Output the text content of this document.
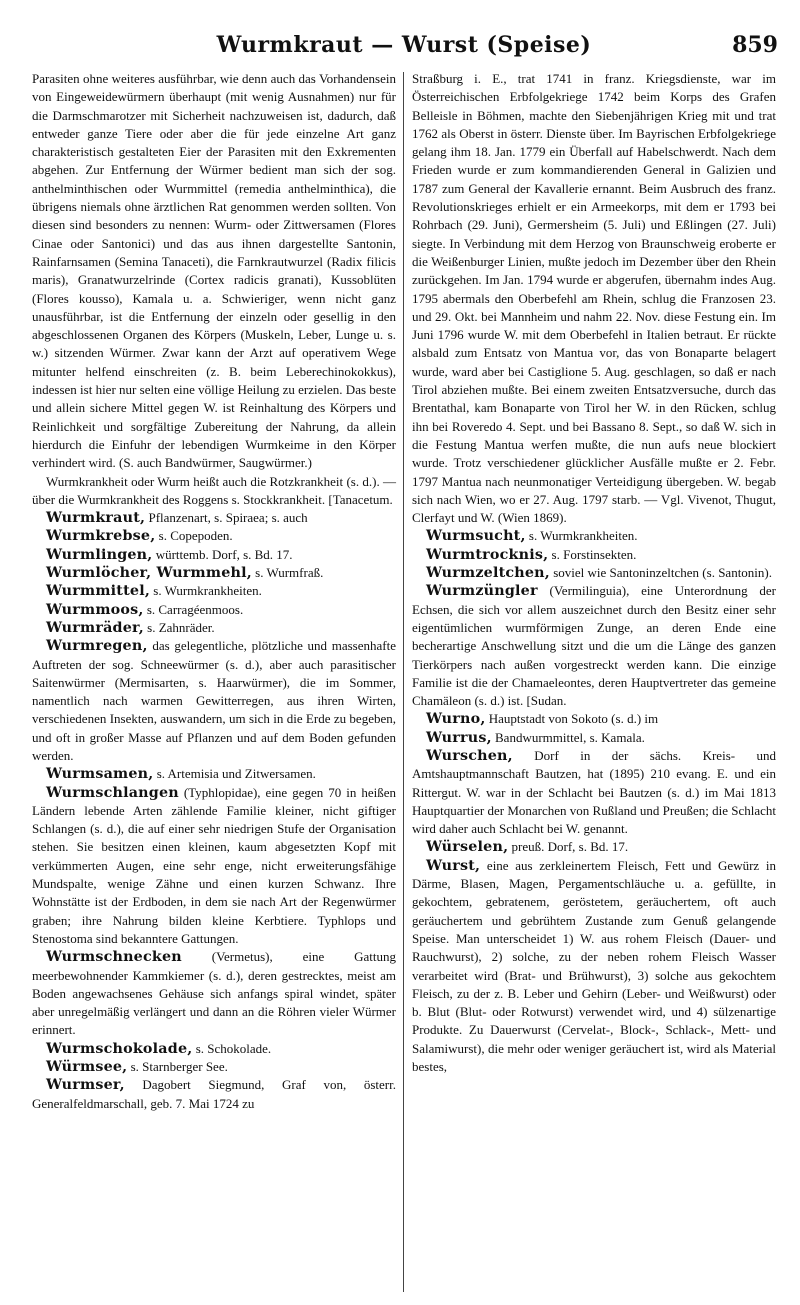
Wurmkraut — Wurst (Speise)	859

Parasiten ohne weiteres ausführbar, wie denn auch das Vorhandensein von Eingeweidewürmern überhaupt (mit wenig Ausnahmen) nur für die Darmschmarotzer mit Sicherheit nachzuweisen ist, dadurch, daß entweder ganze Tiere oder aber die für jede einzelne Art ganz charakteristisch gestalteten Eier der Parasiten mit den Exkrementen abgehen. Zur Entfernung der Würmer bedient man sich der sog. anthelminthischen oder Wurmmittel (remedia anthelminthica), die übrigens niemals ohne ärztlichen Rat genommen werden sollten. Von diesen sind besonders zu nennen: Wurm- oder Zittwersamen (Flores Cinae oder Santonici) und das aus ihnen dargestellte Santonin, Rainfarnsamen (Semina Tanaceti), die Farnkrautwurzel (Radix filicis maris), Granatwurzelrinde (Cortex radicis granati), Kussoblüten (Flores kousso), Kamala u. a. Schwieriger, wenn nicht ganz unausführbar, ist die Entfernung der einzeln oder gesellig in den abgeschlossenen Organen des Körpers (Muskeln, Leber, Lunge u. s. w.) sitzenden Würmer. Zwar kann der Arzt auf operativem Wege mitunter helfend einschreiten (z. B. beim Leberechinokokkus), indessen ist hier nur selten eine völlige Heilung zu erzielen. Das beste und allein sichere Mittel gegen W. ist Reinhaltung des Körpers und Reinlichkeit und sorgfältige Zubereitung der Nahrung, da allein hierdurch die Einfuhr der lebendigen Wurmkeime in den Körper verhindert wird. (S. auch Bandwürmer, Saugwürmer.)

Wurmkrankheit oder Wurm heißt auch die Rotzkrankheit (s. d.). — über die Wurmkrankheit des Roggens s. Stockkrankheit. [Tanacetum.

Wurmkraut, Pflanzenart, s. Spiraea; s. auch

Wurmkrebse, s. Copepoden.

Wurmlingen, württemb. Dorf, s. Bd. 17.

Wurmlöcher, Wurmmehl, s. Wurmfraß.

Wurmmittel, s. Wurmkrankheiten.

Wurmmoos, s. Carragéenmoos.

Wurmräder, s. Zahnräder.

Wurmregen, das gelegentliche, plötzliche und massenhafte Auftreten der sog. Schneewürmer (s. d.), aber auch parasitischer Saitenwürmer (Mermisarten, s. Haarwürmer), die im Sommer, namentlich nach warmen Gewitterregen, aus ihren Wirten, verschiedenen Insekten, auswandern, um sich in die Erde zu begeben, und oft in großer Masse auf Pflanzen und auf dem Boden gefunden werden.

Wurmsamen, s. Artemisia und Zitwersamen.

Wurmschlangen (Typhlopidae), eine gegen 70 in heißen Ländern lebende Arten zählende Familie kleiner, nicht giftiger Schlangen (s. d.), die auf einer sehr niedrigen Stufe der Organisation stehen. Sie besitzen einen kleinen, kaum abgesetzten Kopf mit verkümmerten Augen, eine sehr enge, nicht erweiterungsfähige Mundspalte, wenige Zähne und einen kurzen Schwanz. Ihre Wohnstätte ist der Erdboden, in dem sie nach Art der Regenwürmer graben; ihre Nahrung bilden kleine Kerbtiere. Typhlops und Stenostoma sind bekanntere Gattungen.

Wurmschnecken (Vermetus), eine Gattung meerbewohnender Kammkiemer (s. d.), deren gestrecktes, meist am Boden angewachsenes Gehäuse sich anfangs spiral windet, später aber unregelmäßig verlängert und dann an die Röhren vieler Würmer erinnert.

Wurmschokolade, s. Schokolade.

Würmsee, s. Starnberger See.

Wurmser, Dagobert Siegmund, Graf von, österr. Generalfeldmarschall, geb. 7. Mai 1724 zu

Straßburg i. E., trat 1741 in franz. Kriegsdienste, war im Österreichischen Erbfolgekriege 1742 beim Korps des Grafen Belleisle in Böhmen, machte den Siebenjährigen Krieg mit und trat 1762 als Oberst in österr. Dienste über. Im Bayrischen Erbfolgekriege gelang ihm 18. Jan. 1779 ein Überfall auf Habelschwerdt. Nach dem Frieden wurde er zum kommandierenden General in Galizien und 1787 zum General der Kavallerie ernannt. Beim Ausbruch des franz. Revolutionskrieges erhielt er ein Armeekorps, mit dem er 1793 bei Rohrbach (29. Juni), Germersheim (5. Juli) und Eßlingen (27. Juli) siegte. In Verbindung mit dem Herzog von Braunschweig eroberte er die Weißenburger Linien, mußte jedoch im Dezember über den Rhein zurückgehen. Im Jan. 1794 wurde er abgerufen, übernahm indes Aug. 1795 abermals den Oberbefehl am Rhein, schlug die Franzosen 23. und 29. Okt. bei Mannheim und nahm 22. Nov. diese Festung ein. Im Juni 1796 wurde W. mit dem Oberbefehl in Italien betraut. Er rückte alsbald zum Entsatz von Mantua vor, das von Bonaparte belagert wurde, ward aber bei Castiglione 5. Aug. geschlagen, so daß er nach Tirol abziehen mußte. Bei einem zweiten Entsatzversuche, durch das Brentathal, kam Bonaparte von Tirol her W. in den Rücken, schlug ihn bei Roveredo 4. Sept. und bei Bassano 8. Sept., so daß W. sich in die Festung Mantua werfen mußte, die nun aufs neue blockiert wurde. Trotz verschiedener glücklicher Ausfälle mußte er 2. Febr. 1797 Mantua nach neunmonatiger Verteidigung übergeben. W. begab sich nach Wien, wo er 27. Aug. 1797 starb. — Vgl. Vivenot, Thugut, Clerfayt und W. (Wien 1869).

Wurmsucht, s. Wurmkrankheiten.

Wurmtrocknis, s. Forstinsekten.

Wurmzeltchen, soviel wie Santoninzeltchen (s. Santonin).

Wurmzüngler (Vermilinguia), eine Unterordnung der Echsen, die sich vor allem auszeichnet durch den Besitz einer sehr eigentümlichen wurmförmigen Zunge, an deren Ende eine becherartige Anschwellung sitzt und die um die Länge des ganzen Tierkörpers nach außen vorgestreckt werden kann. Die einzige Familie ist die der Chamaeleontes, deren Hauptvertreter das gemeine Chamäleon (s. d.) ist. [Sudan.

Wurno, Hauptstadt von Sokoto (s. d.) im

Wurrus, Bandwurmmittel, s. Kamala.

Wurschen, Dorf in der sächs. Kreis- und Amtshauptmannschaft Bautzen, hat (1895) 210 evang. E. und ein Rittergut. W. war in der Schlacht bei Bautzen (s. d.) im Mai 1813 Hauptquartier der Monarchen von Rußland und Preußen; die Schlacht wird daher auch Schlacht bei W. genannt.

Würselen, preuß. Dorf, s. Bd. 17.

Wurst, eine aus zerkleinertem Fleisch, Fett und Gewürz in Därme, Blasen, Magen, Pergamentschläuche u. a. gefüllte, in gekochtem, gebratenem, geröstetem, geräuchertem, oft auch geräuchertem und gebrühtem Zustande zum Genuß gelangende Speise. Man unterscheidet 1) W. aus rohem Fleisch (Dauer- und Rauchwurst), 2) solche, zu der neben rohem Fleisch Wasser verarbeitet wird (Brat- und Brühwurst), 3) solche aus gekochtem Fleisch, zu der z. B. Leber und Gehirn (Leber- und Weißwurst) oder b. Blut (Blut- oder Rotwurst) verwendet wird, und 4) sülzenartige Produkte. Zu Dauerwurst (Cervelat-, Block-, Schlack-, Mett- und Salamiwurst), die mehr oder weniger geräuchert ist, wird als Material bestes,
